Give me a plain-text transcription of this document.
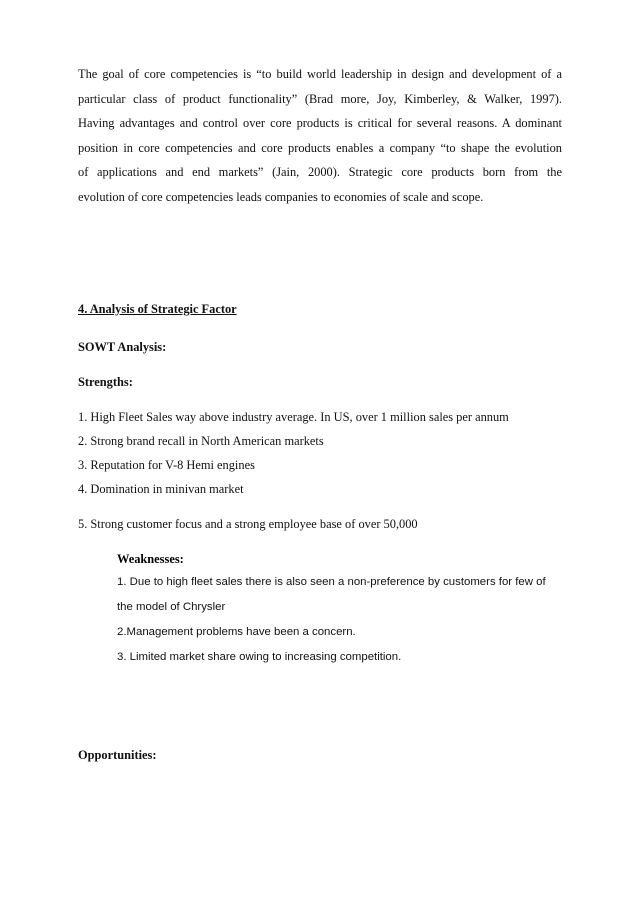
The goal of core competencies is “to build world leadership in design and development of a
particular class of product functionality” (Brad more, Joy, Kimberley, & Walker, 1997).
Having advantages and control over core products is critical for several reasons. A dominant
position in core competencies and core products enables a company “to shape the evolution
of applications and end markets” (Jain, 2000). Strategic core products born from the
evolution of core competencies leads companies to economies of scale and scope.
4. Analysis of Strategic Factor
SOWT Analysis:
Strengths:
1. High Fleet Sales way above industry average. In US, over 1 million sales per annum
2. Strong brand recall in North American markets
3. Reputation for V-8 Hemi engines
4. Domination in minivan market
5. Strong customer focus and a strong employee base of over 50,000
Weaknesses:
1. Due to high fleet sales there is also seen a non-preference by customers for few of
the model of Chrysler
2.Management problems have been a concern.
3. Limited market share owing to increasing competition.
Opportunities:
